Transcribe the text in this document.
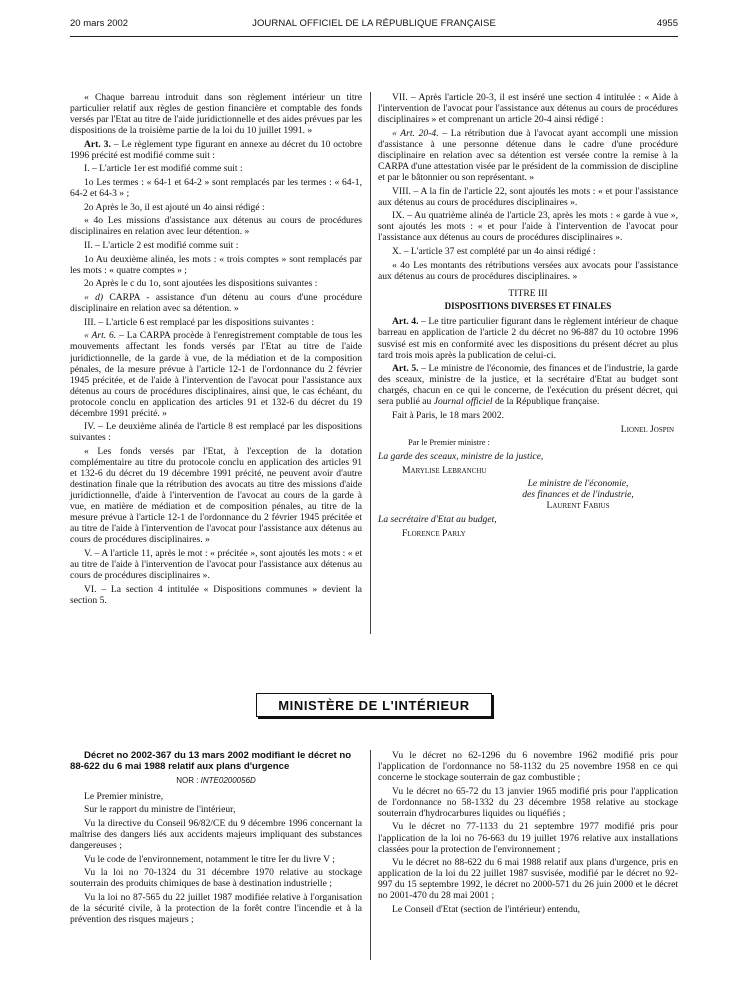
20 mars 2002	JOURNAL OFFICIEL DE LA RÉPUBLIQUE FRANÇAISE	4955

« Chaque barreau introduit dans son règlement intérieur un titre particulier relatif aux règles de gestion financière et comptable des fonds versés par l'Etat au titre de l'aide juridictionnelle et des aides prévues par les dispositions de la troisième partie de la loi du 10 juillet 1991. »

Art. 3. – Le règlement type figurant en annexe au décret du 10 octobre 1996 précité est modifié comme suit :

I. – L'article 1er est modifié comme suit :

1o Les termes : « 64-1 et 64-2 » sont remplacés par les termes : « 64-1, 64-2 et 64-3 » ;

2o Après le 3o, il est ajouté un 4o ainsi rédigé :

« 4o Les missions d'assistance aux détenus au cours de procédures disciplinaires en relation avec leur détention. »

II. – L'article 2 est modifié comme suit :

1o Au deuxième alinéa, les mots : « trois comptes » sont remplacés par les mots : « quatre comptes » ;

2o Après le c du 1o, sont ajoutées les dispositions suivantes :

« d) CARPA - assistance d'un détenu au cours d'une procédure disciplinaire en relation avec sa détention. »

III. – L'article 6 est remplacé par les dispositions suivantes :

« Art. 6. – La CARPA procède à l'enregistrement comptable de tous les mouvements affectant les fonds versés par l'Etat au titre de l'aide juridictionnelle, de la garde à vue, de la médiation et de la composition pénales, de la mesure prévue à l'article 12-1 de l'ordonnance du 2 février 1945 précitée, et de l'aide à l'intervention de l'avocat pour l'assistance aux détenus au cours de procédures disciplinaires, ainsi que, le cas échéant, du protocole conclu en application des articles 91 et 132-6 du décret du 19 décembre 1991 précité. »

IV. – Le deuxième alinéa de l'article 8 est remplacé par les dispositions suivantes :

« Les fonds versés par l'Etat, à l'exception de la dotation complémentaire au titre du protocole conclu en application des articles 91 et 132-6 du décret du 19 décembre 1991 précité, ne peuvent avoir d'autre destination finale que la rétribution des avocats au titre des missions d'aide juridictionnelle, d'aide à l'intervention de l'avocat au cours de la garde à vue, en matière de médiation et de composition pénales, au titre de la mesure prévue à l'article 12-1 de l'ordonnance du 2 février 1945 précitée et au titre de l'aide à l'intervention de l'avocat pour l'assistance aux détenus au cours de procédures disciplinaires. »

V. – A l'article 11, après le mot : « précitée », sont ajoutés les mots : « et au titre de l'aide à l'intervention de l'avocat pour l'assistance aux détenus au cours de procédures disciplinaires ».

VI. – La section 4 intitulée « Dispositions communes » devient la section 5.

VII. – Après l'article 20-3, il est inséré une section 4 intitulée : « Aide à l'intervention de l'avocat pour l'assistance aux détenus au cours de procédures disciplinaires » et comprenant un article 20-4 ainsi rédigé :

« Art. 20-4. – La rétribution due à l'avocat ayant accompli une mission d'assistance à une personne détenue dans le cadre d'une procédure disciplinaire en relation avec sa détention est versée contre la remise à la CARPA d'une attestation visée par le président de la commission de discipline et par le bâtonnier ou son représentant. »

VIII. – A la fin de l'article 22, sont ajoutés les mots : « et pour l'assistance aux détenus au cours de procédures disciplinaires ».

IX. – Au quatrième alinéa de l'article 23, après les mots : « garde à vue », sont ajoutés les mots : « et pour l'aide à l'intervention de l'avocat pour l'assistance aux détenus au cours de procédures disciplinaires ».

X. – L'article 37 est complété par un 4o ainsi rédigé :

« 4o Les montants des rétributions versées aux avocats pour l'assistance aux détenus au cours de procédures disciplinaires. »

TITRE III

DISPOSITIONS DIVERSES ET FINALES

Art. 4. – Le titre particulier figurant dans le règlement intérieur de chaque barreau en application de l'article 2 du décret no 96-887 du 10 octobre 1996 susvisé est mis en conformité avec les dispositions du présent décret au plus tard trois mois après la publication de celui-ci.

Art. 5. – Le ministre de l'économie, des finances et de l'industrie, la garde des sceaux, ministre de la justice, et la secrétaire d'Etat au budget sont chargés, chacun en ce qui le concerne, de l'exécution du présent décret, qui sera publié au Journal officiel de la République française.

Fait à Paris, le 18 mars 2002.

Lionel Jospin

Par le Premier ministre :

La garde des sceaux, ministre de la justice,

Marylise Lebranchu

Le ministre de l'économie,

des finances et de l'industrie,

Laurent Fabius

La secrétaire d'Etat au budget,

Florence Parly

MINISTÈRE DE L'INTÉRIEUR

Décret no 2002-367 du 13 mars 2002 modifiant le décret no 88-622 du 6 mai 1988 relatif aux plans d'urgence

NOR : INTE0200056D

Le Premier ministre,

Sur le rapport du ministre de l'intérieur,

Vu la directive du Conseil 96/82/CE du 9 décembre 1996 concernant la maîtrise des dangers liés aux accidents majeurs impliquant des substances dangereuses ;

Vu le code de l'environnement, notamment le titre Ier du livre V ;

Vu la loi no 70-1324 du 31 décembre 1970 relative au stockage souterrain des produits chimiques de base à destination industrielle ;

Vu la loi no 87-565 du 22 juillet 1987 modifiée relative à l'organisation de la sécurité civile, à la protection de la forêt contre l'incendie et à la prévention des risques majeurs ;

Vu le décret no 62-1296 du 6 novembre 1962 modifié pris pour l'application de l'ordonnance no 58-1132 du 25 novembre 1958 en ce qui concerne le stockage souterrain de gaz combustible ;

Vu le décret no 65-72 du 13 janvier 1965 modifié pris pour l'application de l'ordonnance no 58-1332 du 23 décembre 1958 relative au stockage souterrain d'hydrocarbures liquides ou liquéfiés ;

Vu le décret no 77-1133 du 21 septembre 1977 modifié pris pour l'application de la loi no 76-663 du 19 juillet 1976 relative aux installations classées pour la protection de l'environnement ;

Vu le décret no 88-622 du 6 mai 1988 relatif aux plans d'urgence, pris en application de la loi du 22 juillet 1987 susvisée, modifié par le décret no 92-997 du 15 septembre 1992, le décret no 2000-571 du 26 juin 2000 et le décret no 2001-470 du 28 mai 2001 ;

Le Conseil d'Etat (section de l'intérieur) entendu,
